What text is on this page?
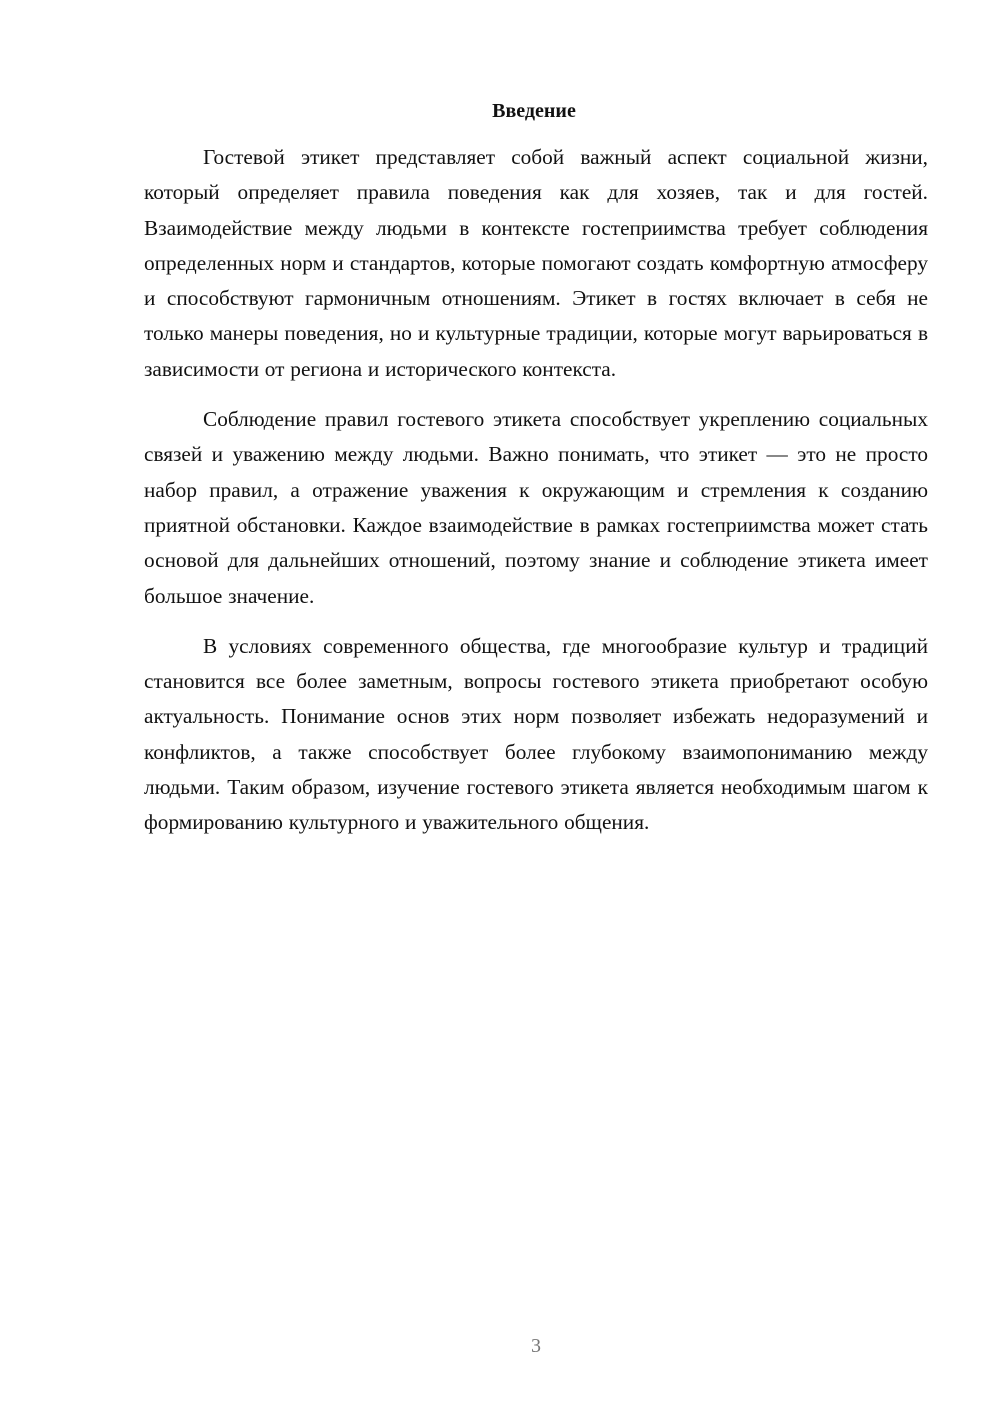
Введение

Гостевой этикет представляет собой важный аспект социальной жизни, который определяет правила поведения как для хозяев, так и для гостей. Взаимодействие между людьми в контексте гостеприимства требует соблюдения определенных норм и стандартов, которые помогают создать комфортную атмосферу и способствуют гармоничным отношениям. Этикет в гостях включает в себя не только манеры поведения, но и культурные традиции, которые могут варьироваться в зависимости от региона и исторического контекста.

Соблюдение правил гостевого этикета способствует укреплению социальных связей и уважению между людьми. Важно понимать, что этикет — это не просто набор правил, а отражение уважения к окружающим и стремления к созданию приятной обстановки. Каждое взаимодействие в рамках гостеприимства может стать основой для дальнейших отношений, поэтому знание и соблюдение этикета имеет большое значение.

В условиях современного общества, где многообразие культур и традиций становится все более заметным, вопросы гостевого этикета приобретают особую актуальность. Понимание основ этих норм позволяет избежать недоразумений и конфликтов, а также способствует более глубокому взаимопониманию между людьми. Таким образом, изучение гостевого этикета является необходимым шагом к формированию культурного и уважительного общения.

3
